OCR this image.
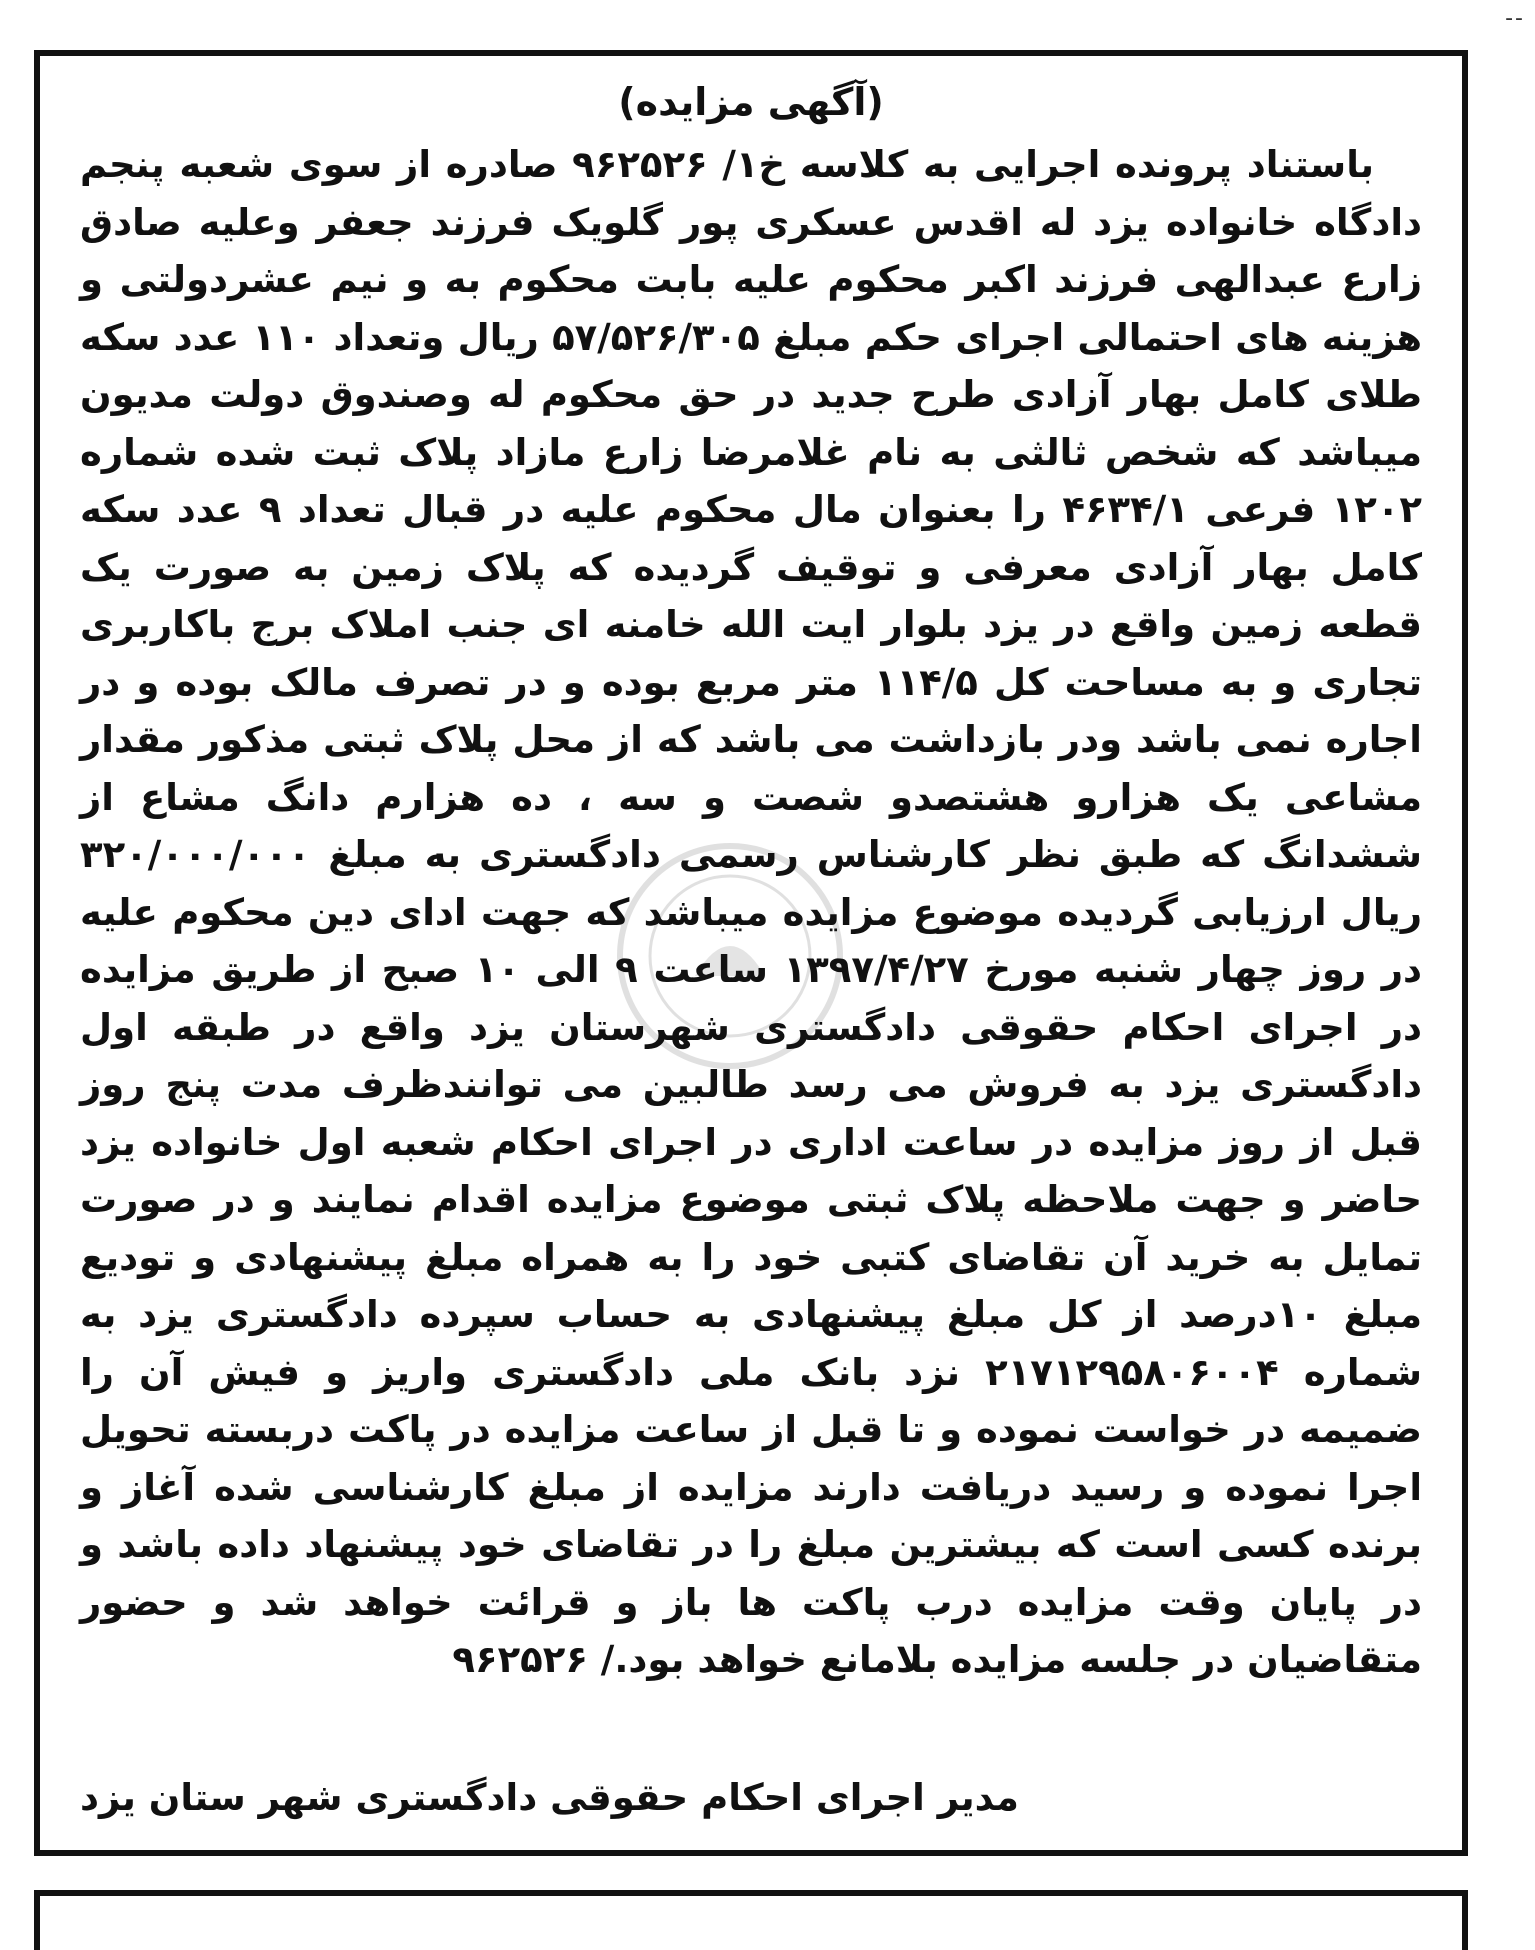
--
(آگهی مزایده)

باستناد پرونده اجرایی به کلاسه خ۱/ ۹۶۲۵۲۶ صادره از سوی شعبه پنجم دادگاه خانواده یزد له اقدس عسکری پور گلویک فرزند جعفر وعلیه صادق زارع عبدالهی فرزند اکبر محکوم علیه بابت محکوم به و نیم عشردولتی و هزینه های احتمالی اجرای حکم مبلغ ۵۷/۵۲۶/۳۰۵ ریال وتعداد ۱۱۰ عدد سکه طلای کامل بهار آزادی طرح جدید در حق محکوم له وصندوق دولت مدیون میباشد که شخص ثالثی به نام غلامرضا زارع مازاد پلاک ثبت شده شماره ۱۲۰۲ فرعی ۴۶۳۴/۱ را بعنوان مال محکوم علیه در قبال تعداد ۹ عدد سکه کامل بهار آزادی معرفی و توقیف گردیده که پلاک زمین به صورت یک قطعه زمین واقع در یزد بلوار ایت الله خامنه ای جنب املاک برج باکاربری تجاری و به مساحت کل ۱۱۴/۵ متر مربع بوده و در تصرف مالک بوده و در اجاره نمی باشد ودر بازداشت می باشد که از محل پلاک ثبتی مذکور مقدار مشاعی یک هزارو هشتصدو شصت و سه ، ده هزارم دانگ مشاع از ششدانگ که طبق نظر کارشناس رسمی دادگستری به مبلغ ۳۲۰/۰۰۰/۰۰۰ ریال ارزیابی گردیده موضوع مزایده میباشد که جهت ادای دین محکوم علیه در روز چهار شنبه مورخ ۱۳۹۷/۴/۲۷ ساعت ۹ الی ۱۰ صبح از طریق مزایده در اجرای احکام حقوقی دادگستری شهرستان یزد واقع در طبقه اول دادگستری یزد به فروش می رسد طالبین می توانندظرف مدت پنج روز قبل از روز مزایده در ساعت اداری در اجرای احکام شعبه اول خانواده یزد حاضر و جهت ملاحظه پلاک ثبتی موضوع مزایده اقدام نمایند و در صورت تمایل به خرید آن تقاضای کتبی خود را به همراه مبلغ پیشنهادی و تودیع مبلغ ۱۰درصد از کل مبلغ پیشنهادی به حساب سپرده دادگستری یزد به شماره ۲۱۷۱۲۹۵۸۰۶۰۰۴ نزد بانک ملی دادگستری واریز و فیش آن را ضمیمه در خواست نموده و تا قبل از ساعت مزایده در پاکت دربسته تحویل اجرا نموده و رسید دریافت دارند مزایده از مبلغ کارشناسی شده آغاز و برنده کسی است که بیشترین مبلغ را در تقاضای خود پیشنهاد داده باشد و در پایان وقت مزایده درب پاکت ها باز و قرائت خواهد شد و حضور متقاضیان در جلسه مزایده بلامانع خواهد بود./ ۹۶۲۵۲۶

مدیر اجرای احکام حقوقی دادگستری شهر ستان یزد
